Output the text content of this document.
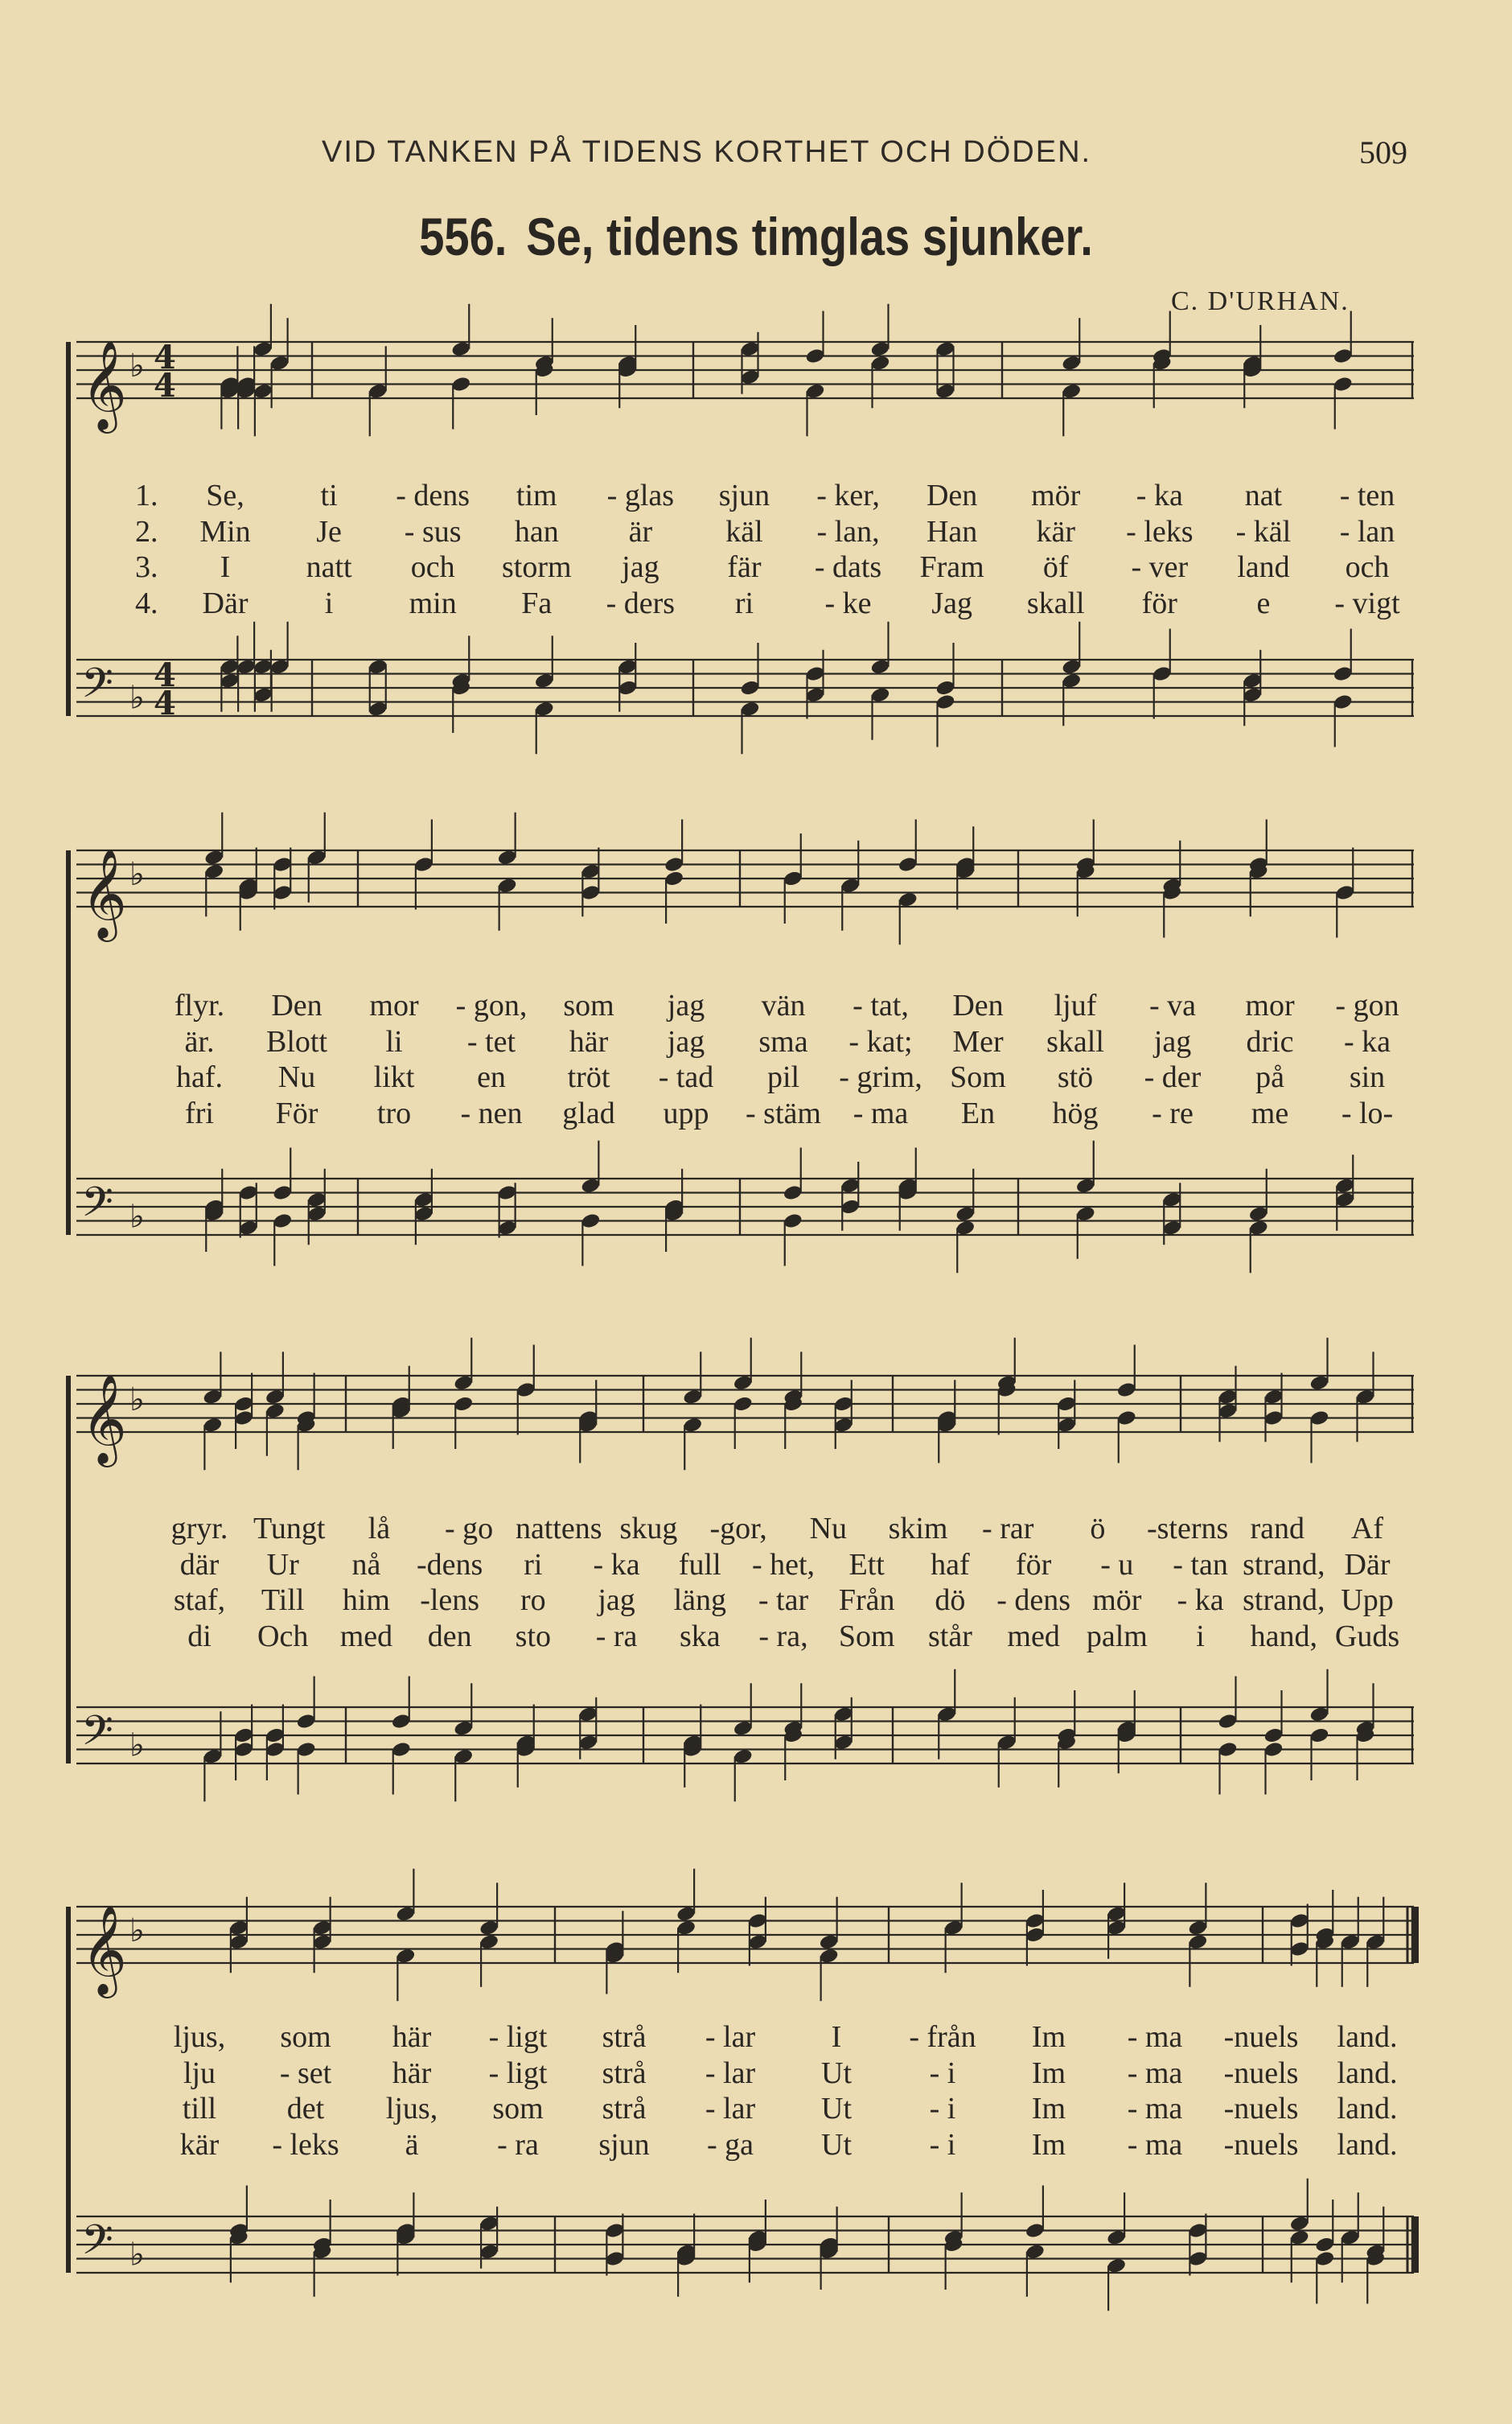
VID TANKEN PÅ TIDENS KORTHET OCH DÖDEN.	509
556. Se, tidens timglas sjunker.
C. D'URHAN.
𝄞 ♭ 4
4
𝄢 ♭
4
4
1. Se, ti - dens tim - glas sjun - ker, Den mör - ka nat - ten
2. Min Je - sus han är käl - lan, Han kär - leks - käl - lan
3. I natt och storm jag fär - dats Fram öf - ver land och
4. Där	i min Fa - ders ri - ke Jag skall för	e - vigt
𝄞 ♭
𝄢 ♭
flyr. Den mor - gon, som jag vän - tat, Den ljuf - va mor - gon
är. Blott li - tet här jag sma - kat; Mer skall jag dric - ka
haf. Nu likt en tröt - tad pil - grim, Som stö - der på sin
fri För tro - nen glad upp - stäm - ma En hög - re me - lo-
𝄞 ♭
𝄢 ♭
gryr. Tungt lå - go nattens skug -gor, Nu skim - rar ö -sterns rand Af
där Ur nå -dens ri - ka full - het, Ett haf för - u - tan strand, Där
staf, Till him -lens ro jag läng - tar Från dö - dens mör - ka strand, Upp
di Och med den sto - ra ska - ra, Som står med palm i hand, Guds
𝄞 ♭
𝄢 ♭
ljus, som här - ligt strå - lar I - från Im - ma -nuels land.
lju - set här - ligt strå - lar Ut	- i Im - ma -nuels land.
till det ljus, som strå - lar Ut	- i Im - ma -nuels land.
kär - leks ä	- ra sjun - ga Ut	- i Im - ma -nuels land.
